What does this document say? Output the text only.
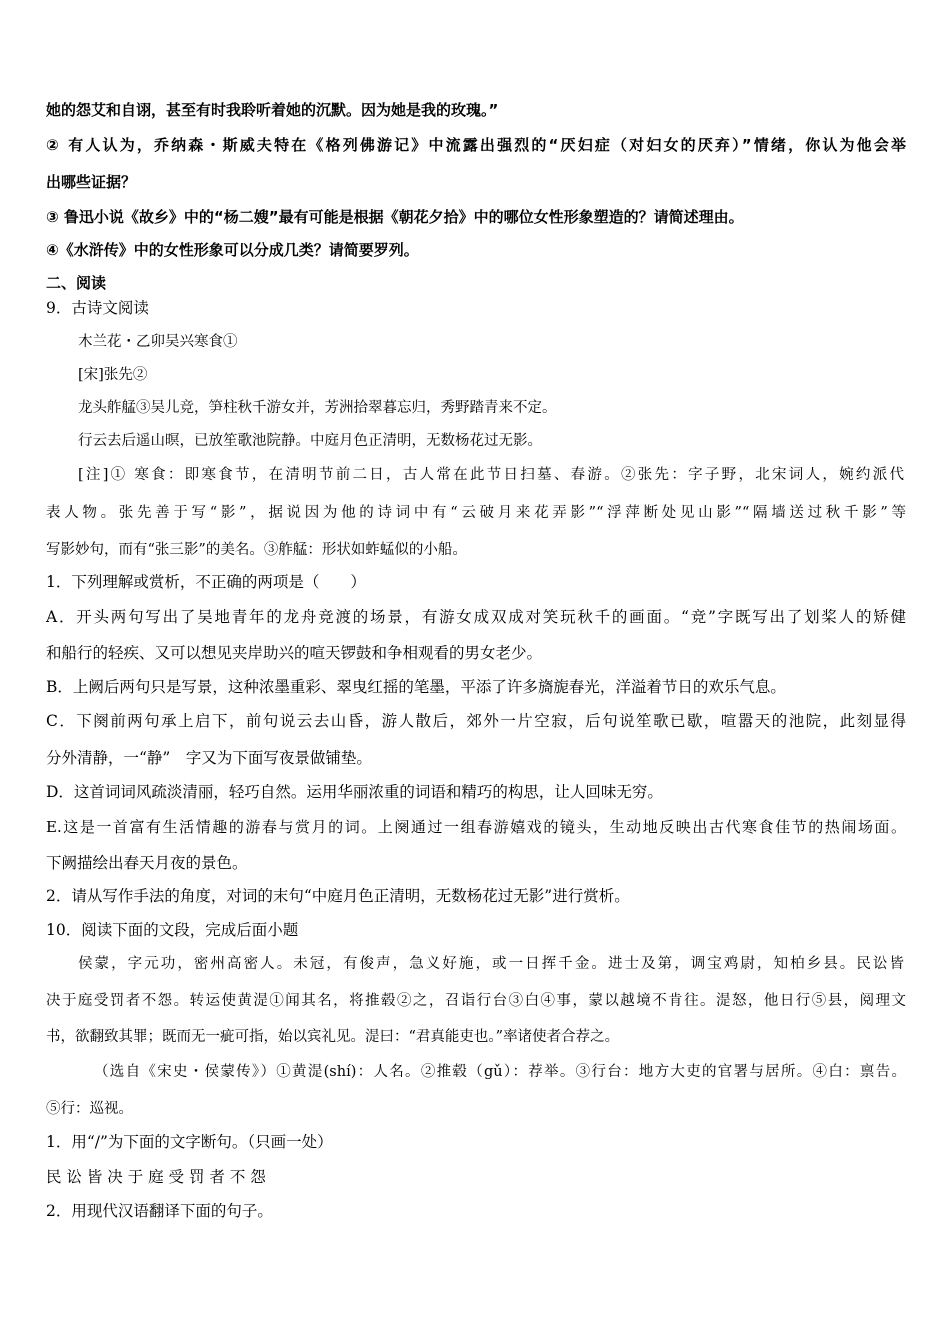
她的怨艾和自诩，甚至有时我聆听着她的沉默。因为她是我的玫瑰。”
② 有人认为，乔纳森・斯威夫特在《格列佛游记》中流露出强烈的“厌妇症（对妇女的厌弃）”情绪，你认为他会举
出哪些证据？
③ 鲁迅小说《故乡》中的“杨二嫂”最有可能是根据《朝花夕拾》中的哪位女性形象塑造的？请简述理由。
④《水浒传》中的女性形象可以分成几类？请简要罗列。
二、阅读
9．古诗文阅读
木兰花・乙卯吴兴寒食①
[宋]张先②
龙头舴艋③吴儿竞，笋柱秋千游女并，芳洲拾翠暮忘归，秀野踏青来不定。
行云去后遥山暝，已放笙歌池院静。中庭月色正清明，无数杨花过无影。
[注]① 寒食：即寒食节，在清明节前二日，古人常在此节日扫墓、春游。②张先：字子野，北宋词人，婉约派代
表人物。张先善于写“影”，据说因为他的诗词中有“云破月来花弄影”“浮萍断处见山影”“隔墙送过秋千影”等
写影妙句，而有“张三影”的美名。③舴艋：形状如蚱蜢似的小船。
1．下列理解或赏析，不正确的两项是（　　）
A．开头两句写出了吴地青年的龙舟竞渡的场景，有游女成双成对笑玩秋千的画面。“竞”字既写出了划桨人的矫健
和船行的轻疾、又可以想见夹岸助兴的喧天锣鼓和争相观看的男女老少。
B．上阙后两句只是写景，这种浓墨重彩、翠曳红摇的笔墨，平添了许多旖旎春光，洋溢着节日的欢乐气息。
C．下阕前两句承上启下，前句说云去山昏，游人散后，郊外一片空寂，后句说笙歌已歇，喧嚣天的池院，此刻显得
分外清静，一“静”　字又为下面写夜景做铺垫。
D．这首词词风疏淡清丽，轻巧自然。运用华丽浓重的词语和精巧的构思，让人回味无穷。
E.这是一首富有生活情趣的游春与赏月的词。上阕通过一组春游嬉戏的镜头，生动地反映出古代寒食佳节的热闹场面。
下阙描绘出春天月夜的景色。
2．请从写作手法的角度，对词的末句“中庭月色正清明，无数杨花过无影”进行赏析。
10．阅读下面的文段，完成后面小题
侯蒙，字元功，密州高密人。未冠，有俊声，急义好施，或一日挥千金。进士及第，调宝鸡尉，知柏乡县。民讼皆
决于庭受罚者不怨。转运使黄湜①闻其名，将推毂②之，召诣行台③白④事，蒙以越境不肯往。湜怒，他日行⑤县，阅理文
书，欲翻致其罪；既而无一疵可指，始以宾礼见。湜曰：“君真能吏也。”率诸使者合荐之。
（选自《宋史・侯蒙传》）①黄湜(shí)：人名。②推毂（gǔ）：荐举。③行台：地方大吏的官署与居所。④白：禀告。
⑤行：巡视。
1．用“/”为下面的文字断句。（只画一处）
民 讼 皆 决 于 庭 受 罚 者 不 怨
2．用现代汉语翻译下面的句子。
